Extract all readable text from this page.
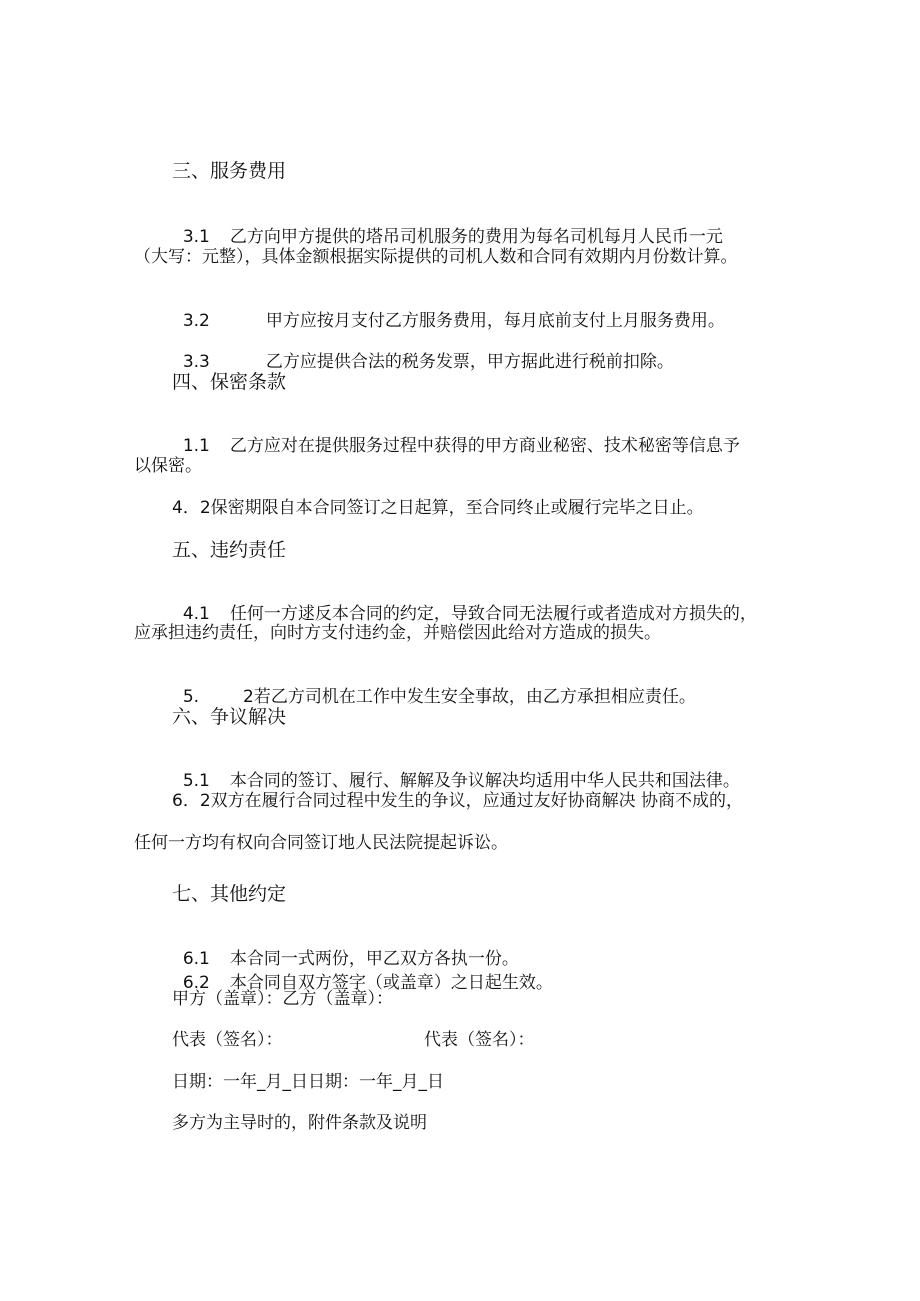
三、服务费用

3.1 乙方向甲方提供的塔吊司机服务的费用为每名司机每月人民币一元

（大写：元整），具体金额根据实际提供的司机人数和合同有效期内月份数计算。

3.2	甲方应按月支付乙方服务费用，每月底前支付上月服务费用。

3.3	乙方应提供合法的税务发票，甲方据此进行税前扣除。

四、保密条款

1.1 乙方应对在提供服务过程中获得的甲方商业秘密、技术秘密等信息予

以保密。
4．2保密期限自本合同签订之日起算，至合同终止或履行完毕之日止。
五、违约责任

4.1 任何一方逑反本合同的约定，导致合同无法履行或者造成对方损失的，

应承担违约责任，向时方支付违约金，并赔偿因此给对方造成的损失。

5.	2若乙方司机在工作中发生安全事故，由乙方承担相应责任。

六、争议解决

5.1 本合同的签订、履行、解解及争议解决均适用中华人民共和国法律。

6．2双方在履行合同过程中发生的争议，应通过友好协商解决 协商不成的，
任何一方均有权向合同签订地人民法院提起诉讼。
七、其他约定

6.1 本合同一式两份，甲乙双方各执一份。

6.2 本合同自双方签字（或盖章）之日起生效。

甲方（盖章）：乙方（盖章）：
代表（签名）：	代表（签名）：
日期：一年_月_日日期：一年_月_日
多方为主导时的，附件条款及说明
